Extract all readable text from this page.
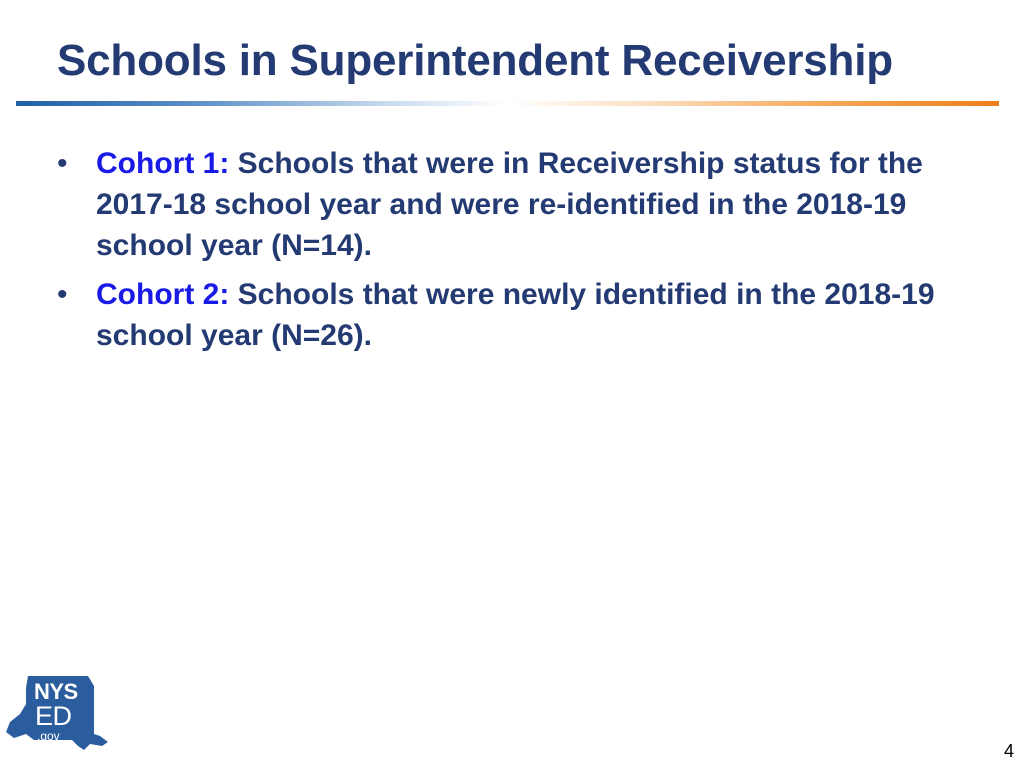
Schools in Superintendent Receivership
• Cohort 1: Schools that were in Receivership status for the 2017-18 school year and were re-identified in the 2018-19 school year (N=14).
• Cohort 2: Schools that were newly identified in the 2018-19 school year (N=26).
NYS
ED
.gov
4
